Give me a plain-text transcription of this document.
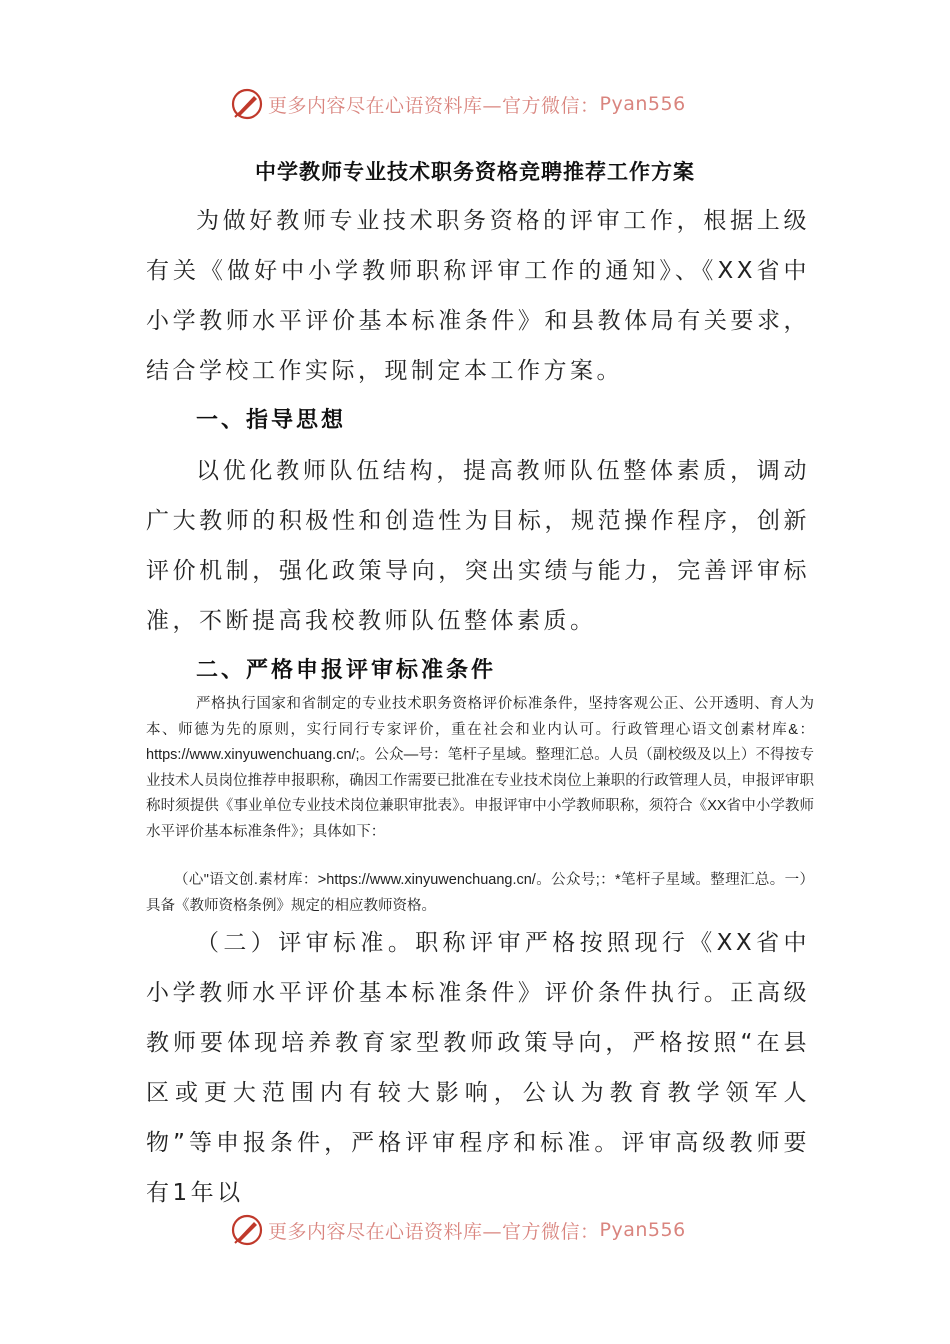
更多内容尽在心语资料库—官方微信： Pyan556
中学教师专业技术职务资格竞聘推荐工作方案

为做好教师专业技术职务资格的评审工作，根据上级有关《做好中小学教师职称评审工作的通知》、《XX省中小学教师水平评价基本标准条件》和县教体局有关要求，结合学校工作实际，现制定本工作方案。

一、指导思想

以优化教师队伍结构，提高教师队伍整体素质，调动广大教师的积极性和创造性为目标，规范操作程序，创新评价机制，强化政策导向，突出实绩与能力，完善评审标准，不断提高我校教师队伍整体素质。

二、严格申报评审标准条件

严格执行国家和省制定的专业技术职务资格评价标准条件，坚持客观公正、公开透明、育人为本、师德为先的原则，实行同行专家评价，重在社会和业内认可。行政管理心语文创素材库&：https://www.xinyuwenchuang.cn/;。公众—号：笔杆子星域。整理汇总。人员（副校级及以上）不得按专业技术人员岗位推荐申报职称，确因工作需要已批准在专业技术岗位上兼职的行政管理人员，申报评审职称时须提供《事业单位专业技术岗位兼职审批表》。申报评审中小学教师职称，须符合《XX省中小学教师水平评价基本标准条件》；具体如下：

（心"语文创.素材库：>https://www.xinyuwenchuang.cn/。公众号;：*笔杆子星域。整理汇总。一）具备《教师资格条例》规定的相应教师资格。

（二）评审标准。职称评审严格按照现行《XX省中小学教师水平评价基本标准条件》评价条件执行。正高级教师要体现培养教育家型教师政策导向，严格按照“在县区或更大范围内有较大影响，公认为教育教学领军人物”等申报条件，严格评审程序和标准。评审高级教师要有1年以

更多内容尽在心语资料库—官方微信： Pyan556
